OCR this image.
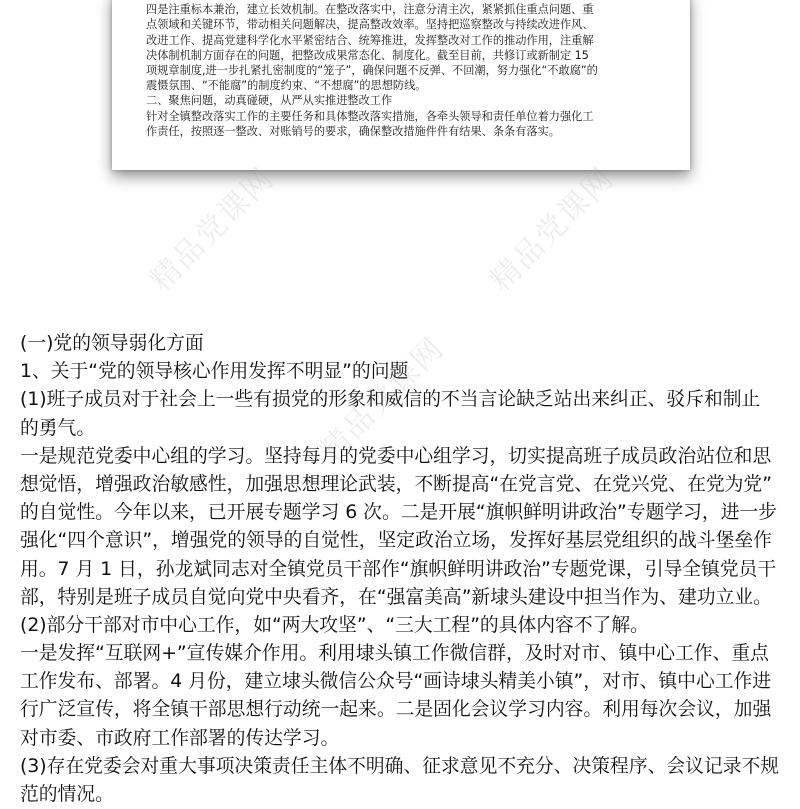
四是注重标本兼治，建立长效机制。在整改落实中，注意分清主次，紧紧抓住重点问题、重
点领域和关键环节，带动相关问题解决，提高整改效率。坚持把巡察整改与持续改进作风、
改进工作、提高党建科学化水平紧密结合、统筹推进，发挥整改对工作的推动作用，注重解
决体制机制方面存在的问题，把整改成果常态化、制度化。截至目前，共修订或新制定 15
项规章制度,进一步扎紧扎密制度的“笼子”，确保问题不反弹、不回潮，努力强化“不敢腐”的
震慑氛围、“不能腐”的制度约束、“不想腐”的思想防线。
二、聚焦问题，动真碰硬，从严从实推进整改工作
针对全镇整改落实工作的主要任务和具体整改落实措施，各牵头领导和责任单位着力强化工
作责任，按照逐一整改、对账销号的要求，确保整改措施件件有结果、条条有落实。
精品党课网	精品党课网
精品党课网
(一)党的领导弱化方面
1、关于“党的领导核心作用发挥不明显”的问题
(1)班子成员对于社会上一些有损党的形象和威信的不当言论缺乏站出来纠正、驳斥和制止
的勇气。
一是规范党委中心组的学习。坚持每月的党委中心组学习，切实提高班子成员政治站位和思
想觉悟，增强政治敏感性，加强思想理论武装，不断提高“在党言党、在党兴党、在党为党”
的自觉性。今年以来，已开展专题学习 6 次。二是开展“旗帜鲜明讲政治”专题学习，进一步
强化“四个意识”，增强党的领导的自觉性，坚定政治立场，发挥好基层党组织的战斗堡垒作
用。7 月 1 日，孙龙斌同志对全镇党员干部作“旗帜鲜明讲政治”专题党课，引导全镇党员干
部，特别是班子成员自觉向党中央看齐，在“强富美高”新埭头建设中担当作为、建功立业。
(2)部分干部对市中心工作，如“两大攻坚”、“三大工程”的具体内容不了解。
一是发挥“互联网+”宣传媒介作用。利用埭头镇工作微信群，及时对市、镇中心工作、重点
工作发布、部署。4 月份，建立埭头微信公众号“画诗埭头精美小镇”，对市、镇中心工作进
行广泛宣传，将全镇干部思想行动统一起来。二是固化会议学习内容。利用每次会议，加强
对市委、市政府工作部署的传达学习。
(3)存在党委会对重大事项决策责任主体不明确、征求意见不充分、决策程序、会议记录不规
范的情况。
